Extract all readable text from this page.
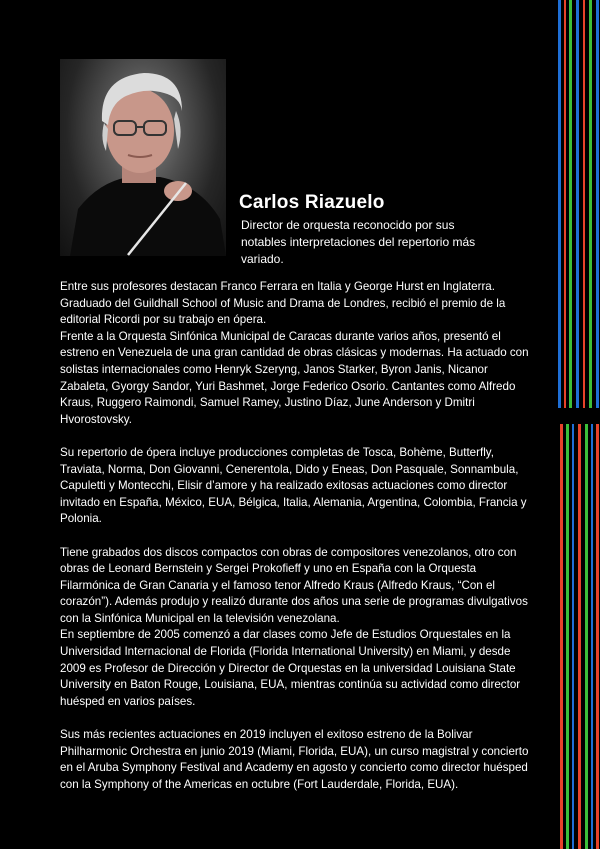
Carlos Riazuelo
Director de orquesta reconocido por sus notables interpretaciones del repertorio más variado.

Entre sus profesores destacan Franco Ferrara en Italia y George Hurst en Inglaterra. Graduado del Guildhall School of Music and Drama de Londres, recibió el premio de la editorial Ricordi por su trabajo en ópera.
Frente a la Orquesta Sinfónica Municipal de Caracas durante varios años, presentó el estreno en Venezuela de una gran cantidad de obras clásicas y modernas. Ha actuado con solistas internacionales como Henryk Szeryng, Janos Starker, Byron Janis, Nicanor Zabaleta, Gyorgy Sandor, Yuri Bashmet, Jorge Federico Osorio. Cantantes como Alfredo Kraus, Ruggero Raimondi, Samuel Ramey, Justino Díaz, June Anderson y Dmitri Hvorostovsky.

Su repertorio de ópera incluye producciones completas de Tosca, Bohème, Butterfly, Traviata, Norma, Don Giovanni, Cenerentola, Dido y Eneas, Don Pasquale, Sonnambula, Capuletti y Montecchi, Elisir d’amore y ha realizado exitosas actuaciones como director invitado en España, México, EUA, Bélgica, Italia, Alemania, Argentina, Colombia, Francia y Polonia.

Tiene grabados dos discos compactos con obras de compositores venezolanos, otro con obras de Leonard Bernstein y Sergei Prokofieff y uno en España con la Orquesta Filarmónica de Gran Canaria y el famoso tenor Alfredo Kraus (Alfredo Kraus, “Con el corazón”). Además produjo y realizó durante dos años una serie de programas divulgativos con la Sinfónica Municipal en la televisión venezolana.
En septiembre de 2005 comenzó a dar clases como Jefe de Estudios Orquestales en la Universidad Internacional de Florida (Florida International University) en Miami, y desde 2009 es Profesor de Dirección y Director de Orquestas en la universidad Louisiana State University en Baton Rouge, Louisiana, EUA, mientras continúa su actividad como director huésped en varios países.

Sus más recientes actuaciones en 2019 incluyen el exitoso estreno de la Bolivar Philharmonic Orchestra en junio 2019 (Miami, Florida, EUA), un curso magistral y concierto en el Aruba Symphony Festival and Academy en agosto y concierto como director huésped con la Symphony of the Americas en octubre (Fort Lauderdale, Florida, EUA).
